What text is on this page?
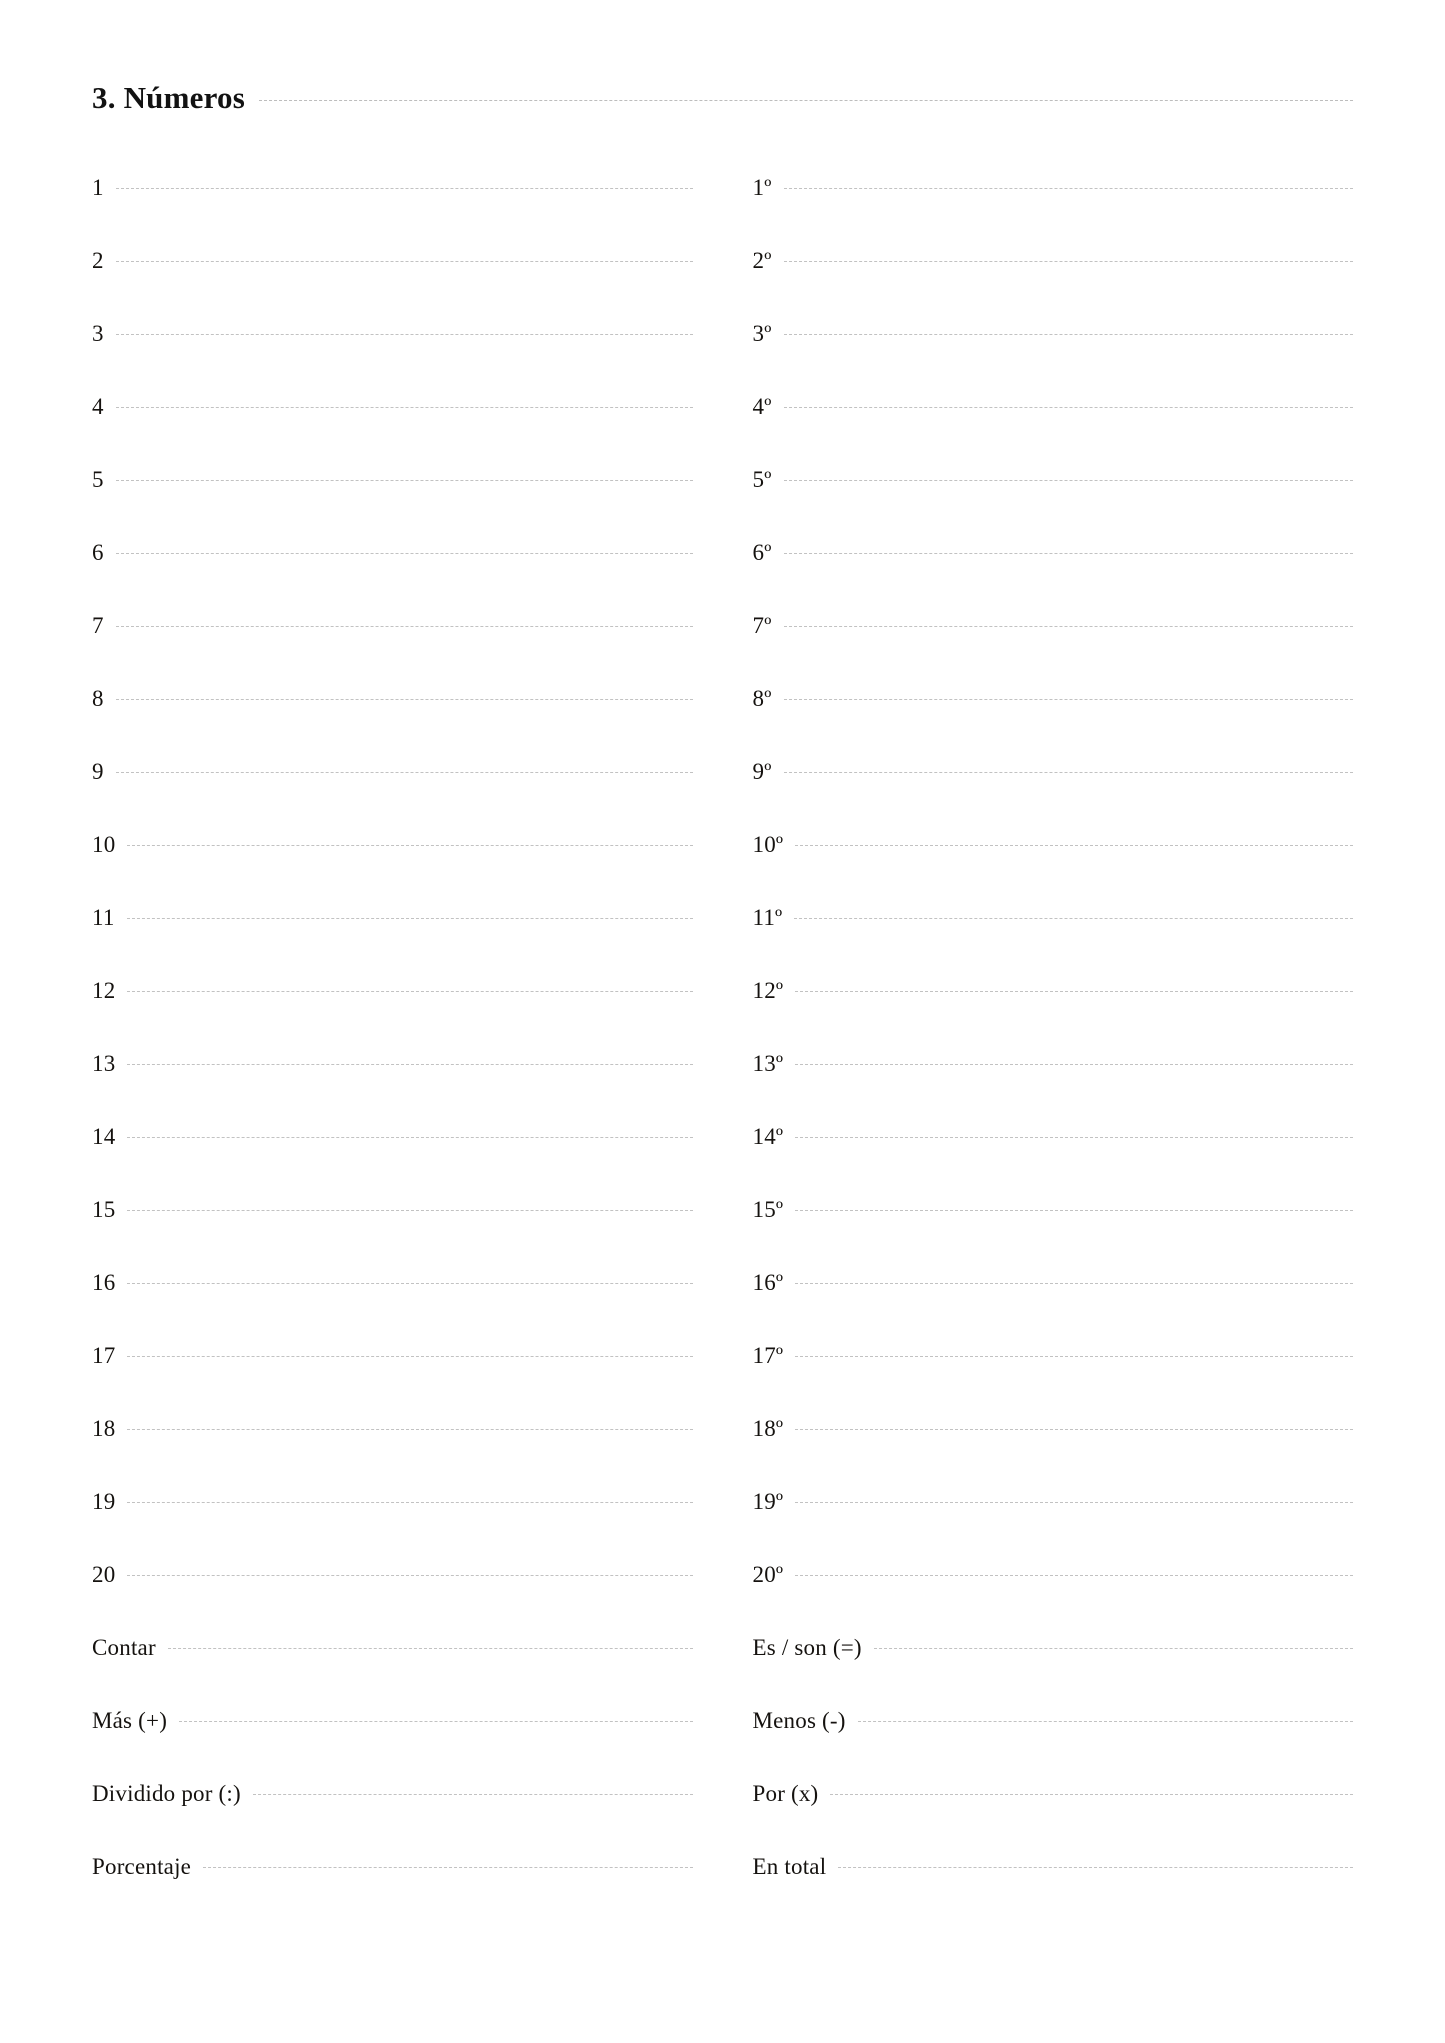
3. Números
1
2
3
4
5
6
7
8
9
10
11
12
13
14
15
16
17
18
19
20
Contar
Más (+)
Dividido por (:)
Porcentaje
1º
2º
3º
4º
5º
6º
7º
8º
9º
10º
11º
12º
13º
14º
15º
16º
17º
18º
19º
20º
Es / son (=)
Menos (-)
Por (x)
En total
